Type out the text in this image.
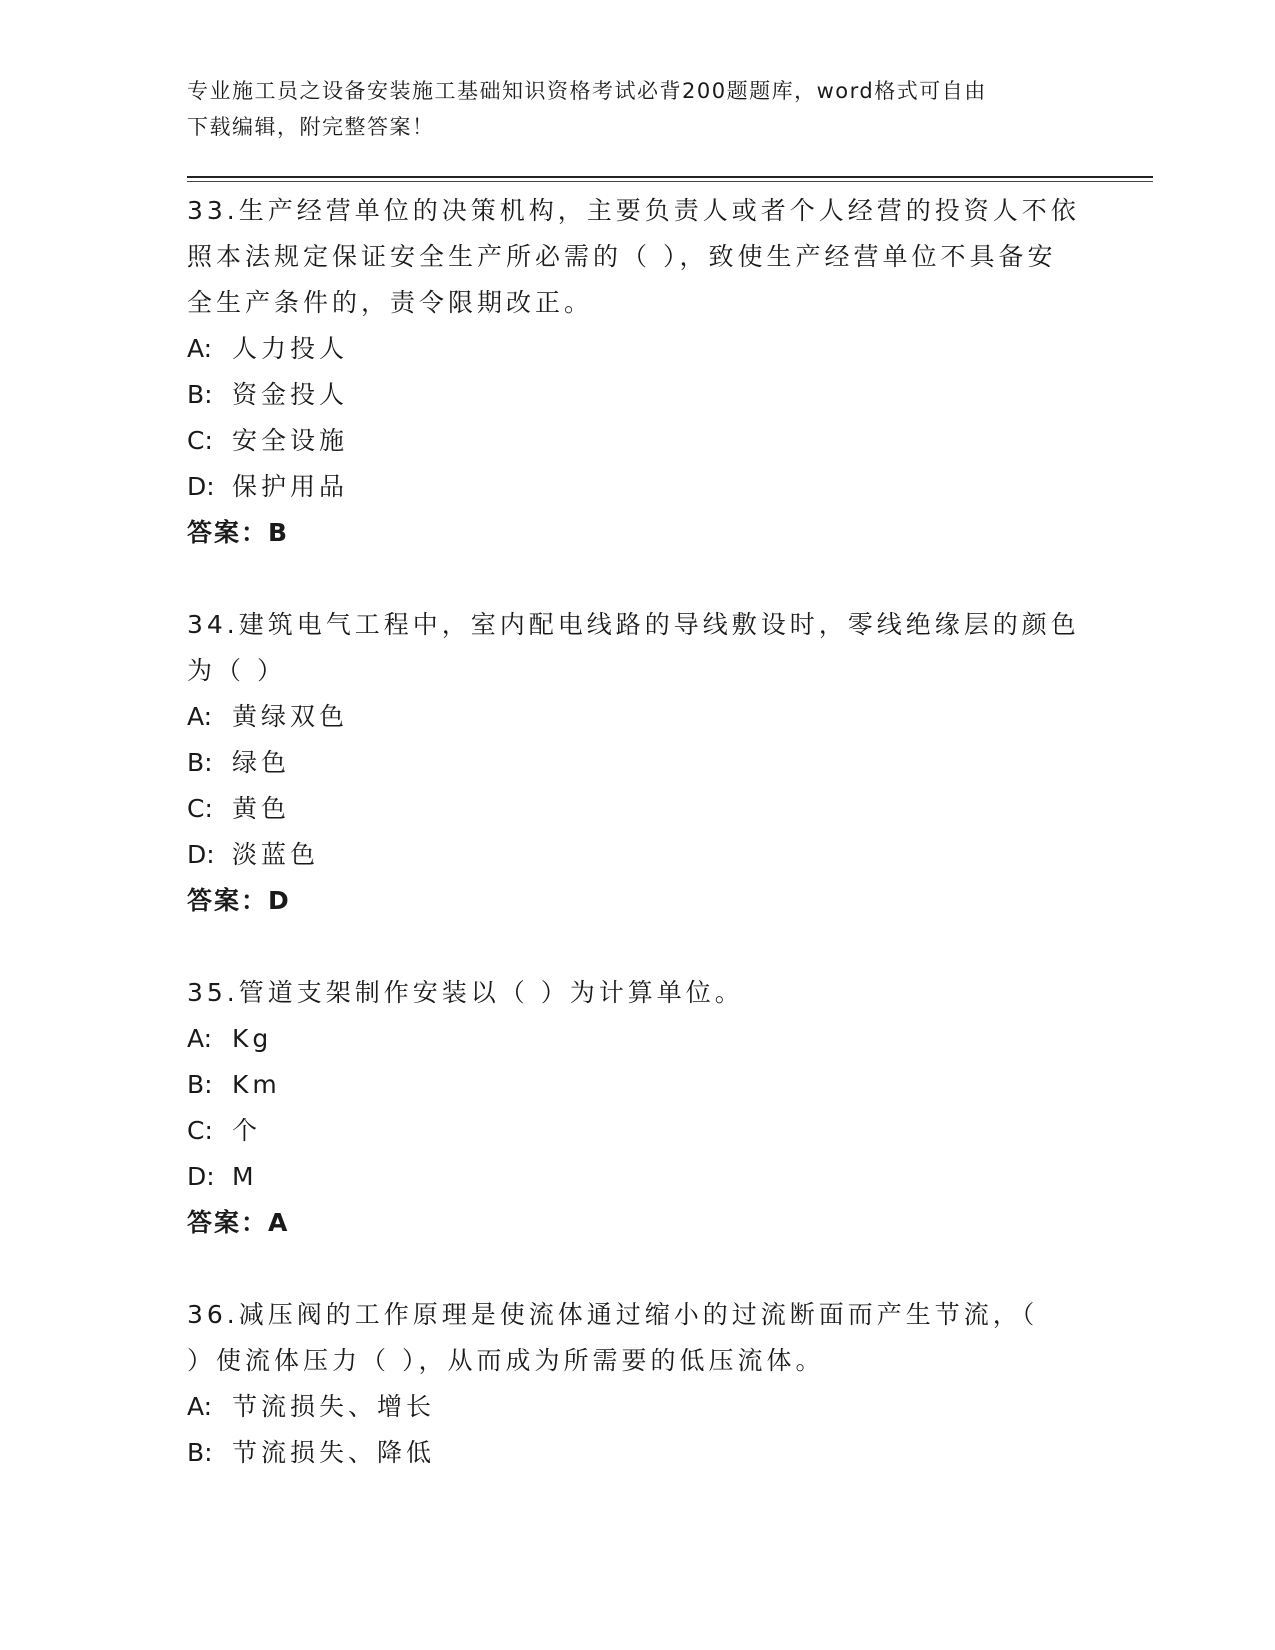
专业施工员之设备安装施工基础知识资格考试必背200题题库，word格式可自由
下载编辑，附完整答案！
33.生产经营单位的决策机构，主要负责人或者个人经营的投资人不依
照本法规定保证安全生产所必需的（ ），致使生产经营单位不具备安
全生产条件的，责令限期改正。
A: 人力投人
B: 资金投人
C: 安全设施
D: 保护用品
答案：B
34.建筑电气工程中，室内配电线路的导线敷设时，零线绝缘层的颜色
为（ ）
A: 黄绿双色
B: 绿色
C: 黄色
D: 淡蓝色
答案：D
35.管道支架制作安装以（ ）为计算单位。
A: Kg
B: Km
C: 个
D: M
答案：A
36.减压阀的工作原理是使流体通过缩小的过流断面而产生节流，（
）使流体压力（ ），从而成为所需要的低压流体。
A: 节流损失、增长
B: 节流损失、降低
